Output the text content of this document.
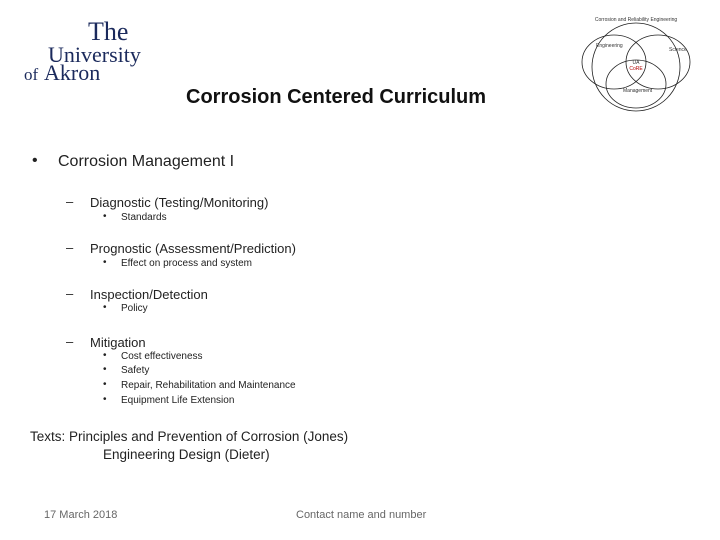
The
University
of Akron
Corrosion and Reliability Engineering
Engineering
Science
UA
CoRE
Management
Corrosion Centered Curriculum
• Corrosion Management I
– Diagnostic (Testing/Monitoring)
• Standards
– Prognostic (Assessment/Prediction)
• Effect on process and system
– Inspection/Detection
• Policy
– Mitigation
• Cost effectiveness
• Safety
• Repair, Rehabilitation and Maintenance
• Equipment Life Extension
Texts: Principles and Prevention of Corrosion (Jones)
Engineering Design (Dieter)
17 March 2018	Contact name and number
